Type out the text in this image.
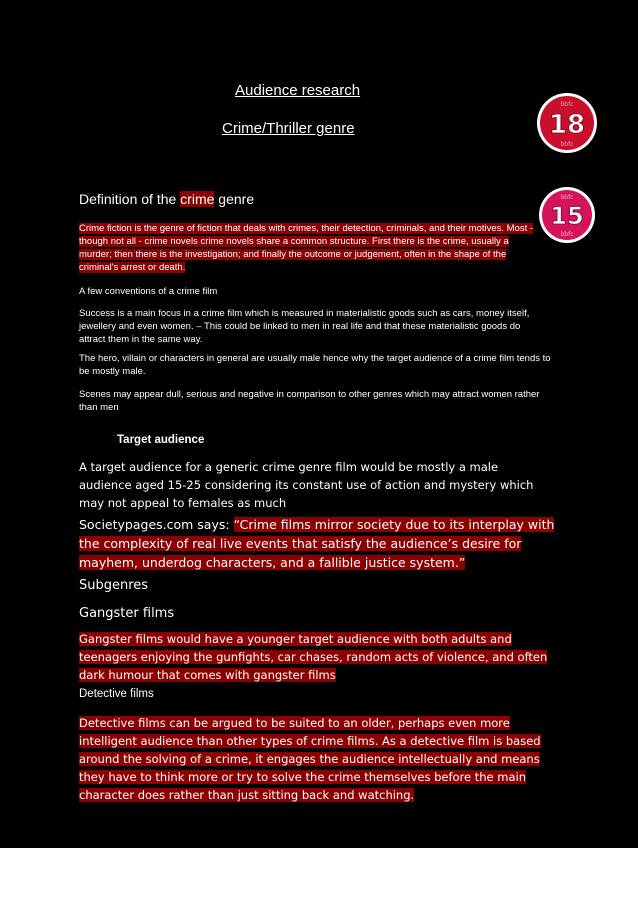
Audience research
Crime/Thriller genre
bbfc
bbfc
18
bbfc
bbfc
15
Definition of the crime genre
Crime fiction is the genre of fiction that deals with crimes, their detection, criminals, and their motives. Most - though not all - crime novels crime novels share a common structure. First there is the crime, usually a murder; then there is the investigation; and finally the outcome or judgement, often in the shape of the criminal's arrest or death.
A few conventions of a crime film
Success is a main focus in a crime film which is measured in materialistic goods such as cars, money itself, jewellery and even women. – This could be linked to men in real life and that these materialistic goods do attract them in the same way.
The hero, villain or characters in general are usually male hence why the target audience of a crime film tends to be mostly male.
Scenes may appear dull, serious and negative in comparison to other genres which may attract women rather than men
Target audience
A target audience for a generic crime genre film would be mostly a male audience aged 15-25 considering its constant use of action and mystery which may not appeal to females as much
Societypages.com says: “Crime films mirror society due to its interplay with the complexity of real live events that satisfy the audience’s desire for mayhem, underdog characters, and a fallible justice system.”
Subgenres
Gangster films
Gangster films would have a younger target audience with both adults and teenagers enjoying the gunfights, car chases, random acts of violence, and often dark humour that comes with gangster films
Detective films
Detective films can be argued to be suited to an older, perhaps even more intelligent audience than other types of crime films. As a detective film is based around the solving of a crime, it engages the audience intellectually and means they have to think more or try to solve the crime themselves before the main character does rather than just sitting back and watching.
